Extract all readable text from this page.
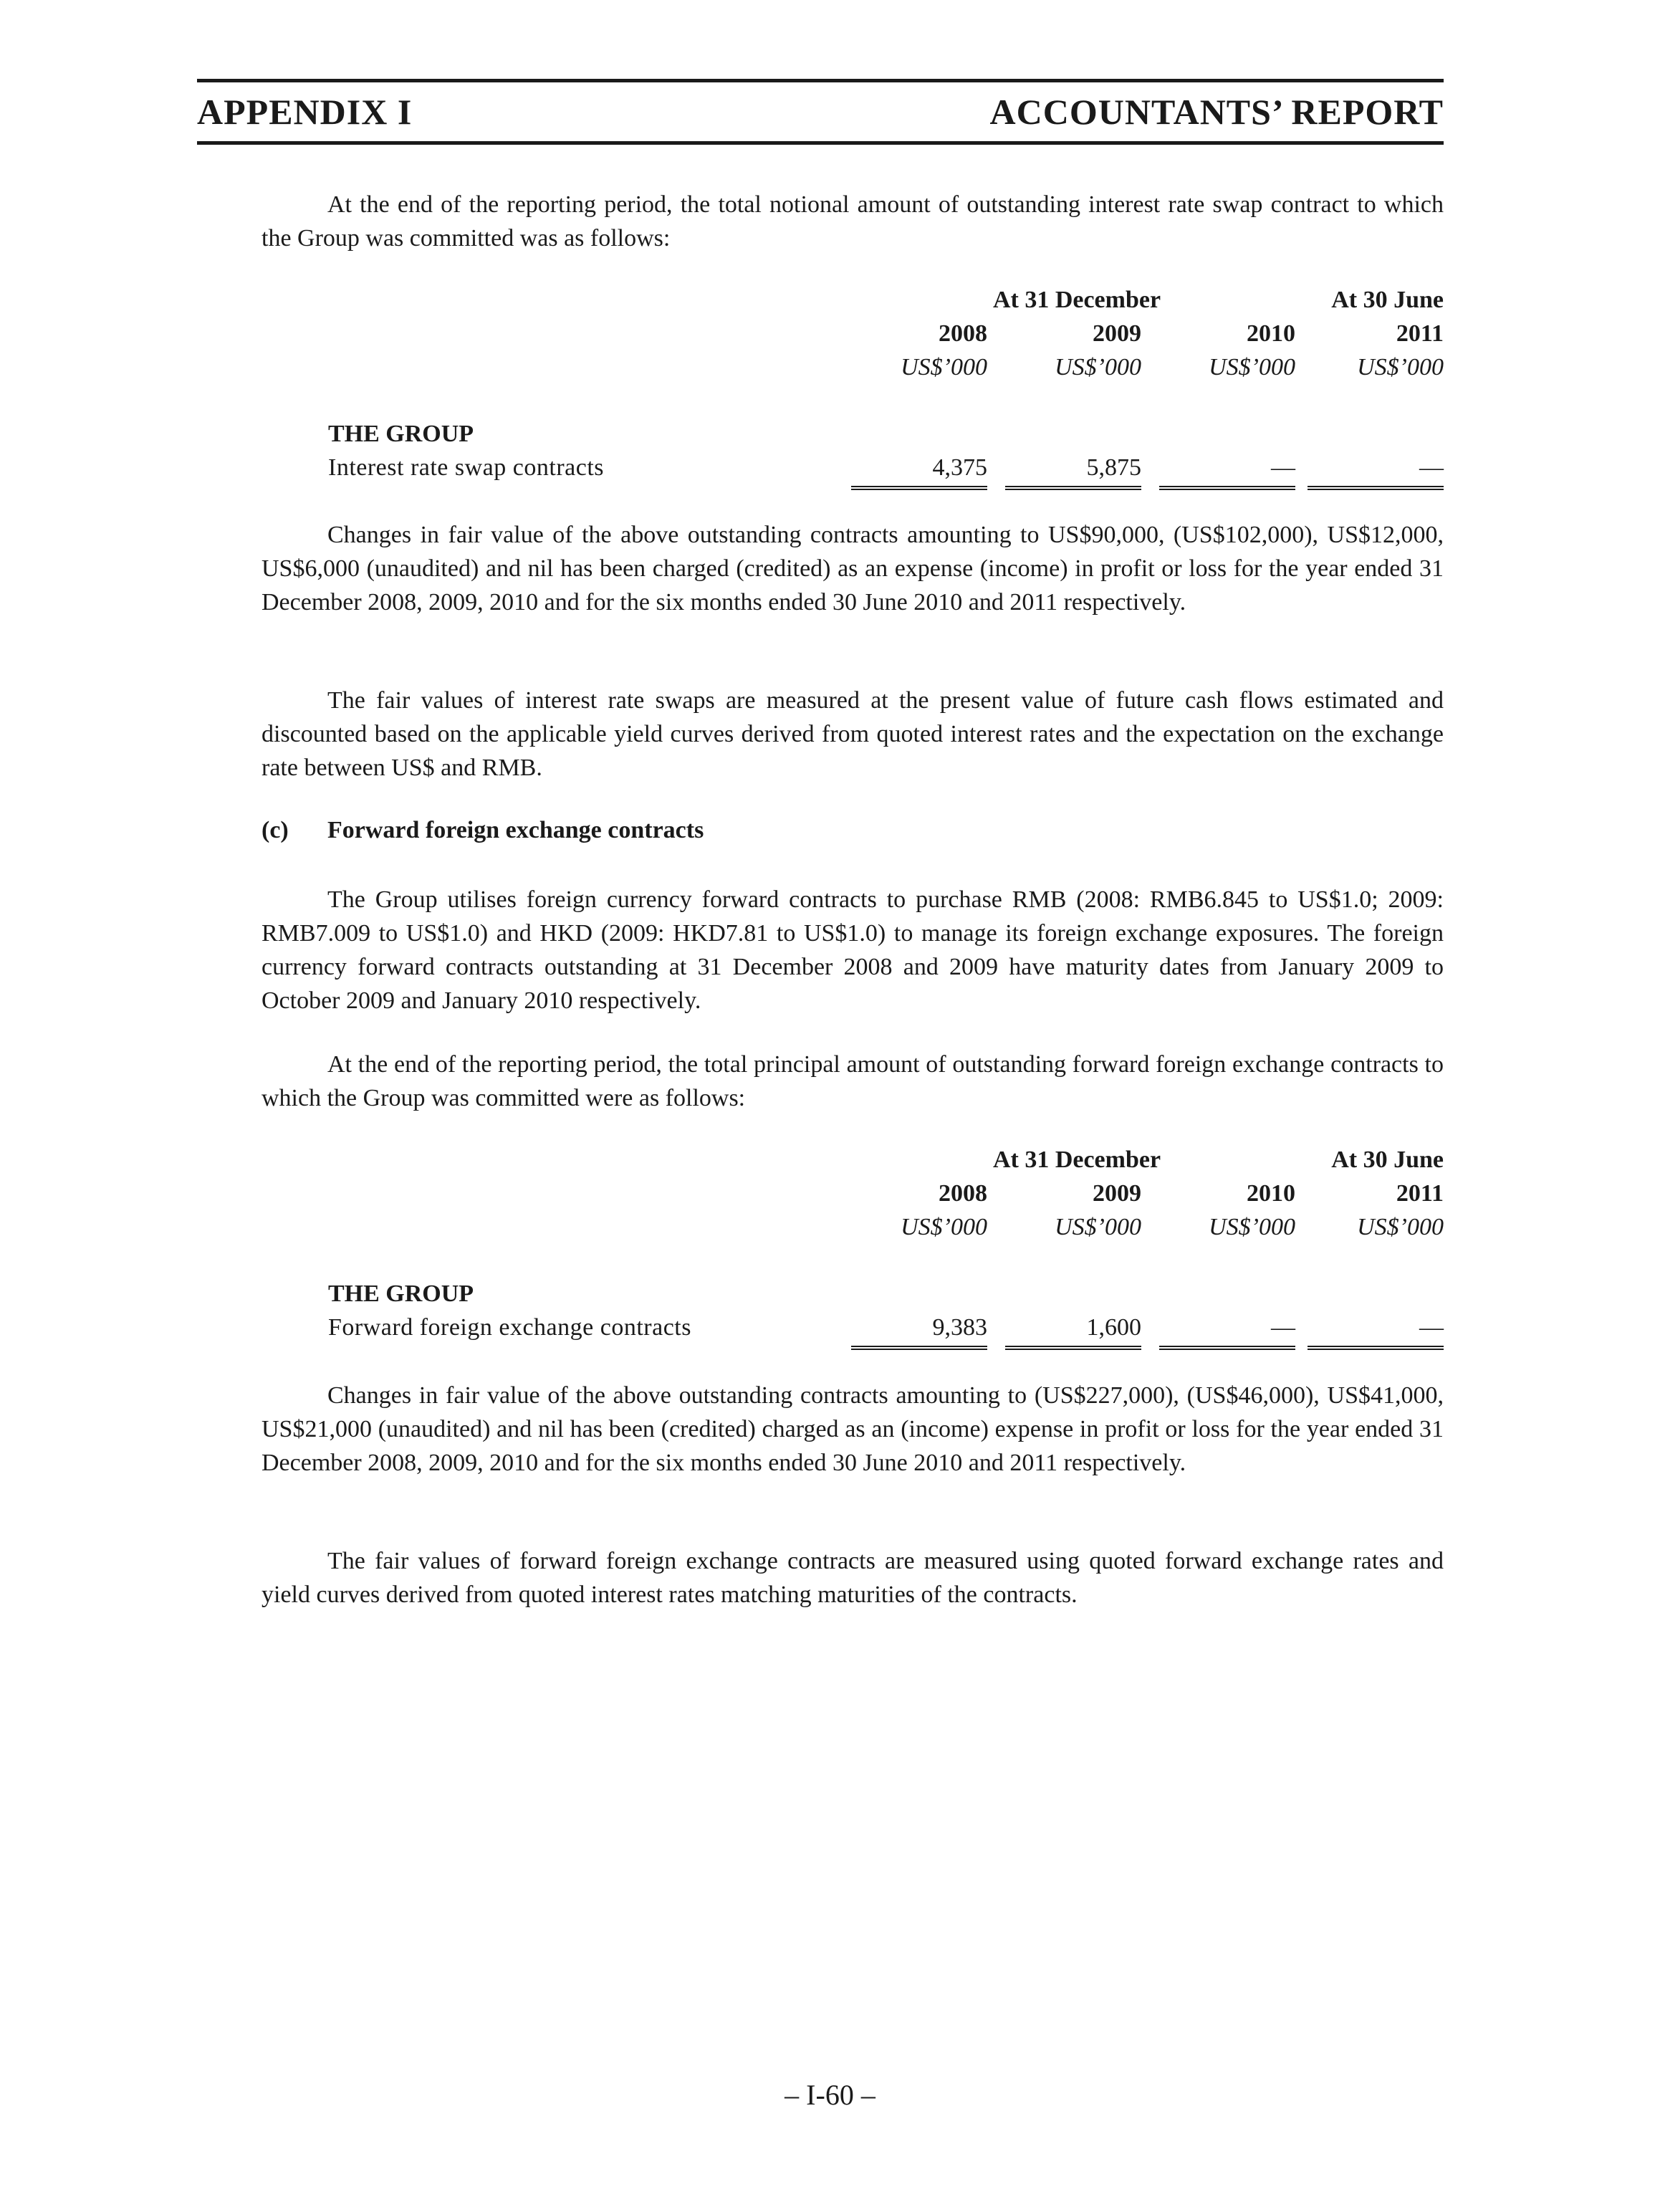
APPENDIX I	ACCOUNTANTS’ REPORT
At the end of the reporting period, the total notional amount of outstanding interest rate swap contract to which the Group was committed was as follows:
At 31 December	At 30 June
2008	2009	2010	2011
US$’000	US$’000	US$’000	US$’000
THE GROUP
Interest rate swap contracts	4,375	5,875	—	—
Changes in fair value of the above outstanding contracts amounting to US$90,000, (US$102,000), US$12,000, US$6,000 (unaudited) and nil has been charged (credited) as an expense (income) in profit or loss for the year ended 31 December 2008, 2009, 2010 and for the six months ended 30 June 2010 and 2011 respectively.
The fair values of interest rate swaps are measured at the present value of future cash flows estimated and discounted based on the applicable yield curves derived from quoted interest rates and the expectation on the exchange rate between US$ and RMB.
(c) Forward foreign exchange contracts
The Group utilises foreign currency forward contracts to purchase RMB (2008: RMB6.845 to US$1.0; 2009: RMB7.009 to US$1.0) and HKD (2009: HKD7.81 to US$1.0) to manage its foreign exchange exposures. The foreign currency forward contracts outstanding at 31 December 2008 and 2009 have maturity dates from January 2009 to October 2009 and January 2010 respectively.
At the end of the reporting period, the total principal amount of outstanding forward foreign exchange contracts to which the Group was committed were as follows:
At 31 December	At 30 June
2008	2009	2010	2011
US$’000	US$’000	US$’000	US$’000
THE GROUP
Forward foreign exchange contracts	9,383	1,600	—	—
Changes in fair value of the above outstanding contracts amounting to (US$227,000), (US$46,000), US$41,000, US$21,000 (unaudited) and nil has been (credited) charged as an (income) expense in profit or loss for the year ended 31 December 2008, 2009, 2010 and for the six months ended 30 June 2010 and 2011 respectively.
The fair values of forward foreign exchange contracts are measured using quoted forward exchange rates and yield curves derived from quoted interest rates matching maturities of the contracts.
– I-60 –
